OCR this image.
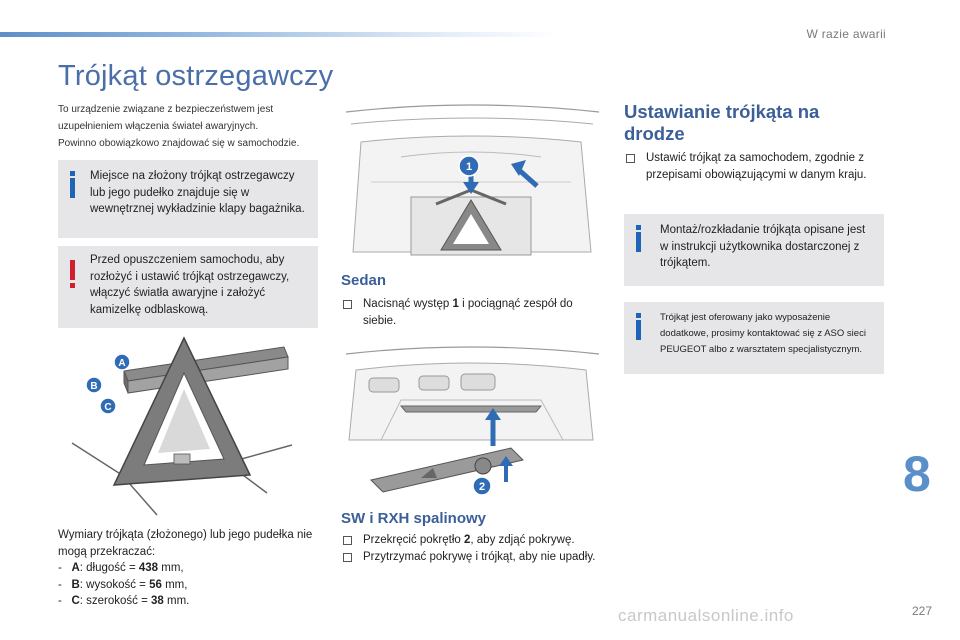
W razie awarii
Trójkąt ostrzegawczy
To urządzenie związane z bezpieczeństwem jest
uzupełnieniem włączenia świateł awaryjnych.
Powinno obowiązkowo znajdować się w samochodzie.
Miejsce na złożony trójkąt ostrzegawczy lub jego pudełko znajduje się w wewnętrznej wykładzinie klapy bagażnika.
Przed opuszczeniem samochodu, aby rozłożyć i ustawić trójkąt ostrzegawczy, włączyć światła awaryjne i założyć kamizelkę odblaskową.
A
B
C
Wymiary trójkąta (złożonego) lub jego pudełka nie mogą przekraczać:
- A: długość = 438 mm,
- B: wysokość = 56 mm,
- C: szerokość = 38 mm.
1
Sedan
Nacisnąć występ 1 i pociągnąć zespół do siebie.
2
SW i RXH spalinowy
Przekręcić pokrętło 2, aby zdjąć pokrywę.
Przytrzymać pokrywę i trójkąt, aby nie upadły.
Ustawianie trójkąta na drodze
Ustawić trójkąt za samochodem, zgodnie z przepisami obowiązującymi w danym kraju.
Montaż/rozkładanie trójkąta opisane jest w instrukcji użytkownika dostarczonej z trójkątem.
Trójkąt jest oferowany jako wyposażenie dodatkowe, prosimy kontaktować się z ASO sieci PEUGEOT albo z warsztatem specjalistycznym.
8
227
carmanualsonline.info
